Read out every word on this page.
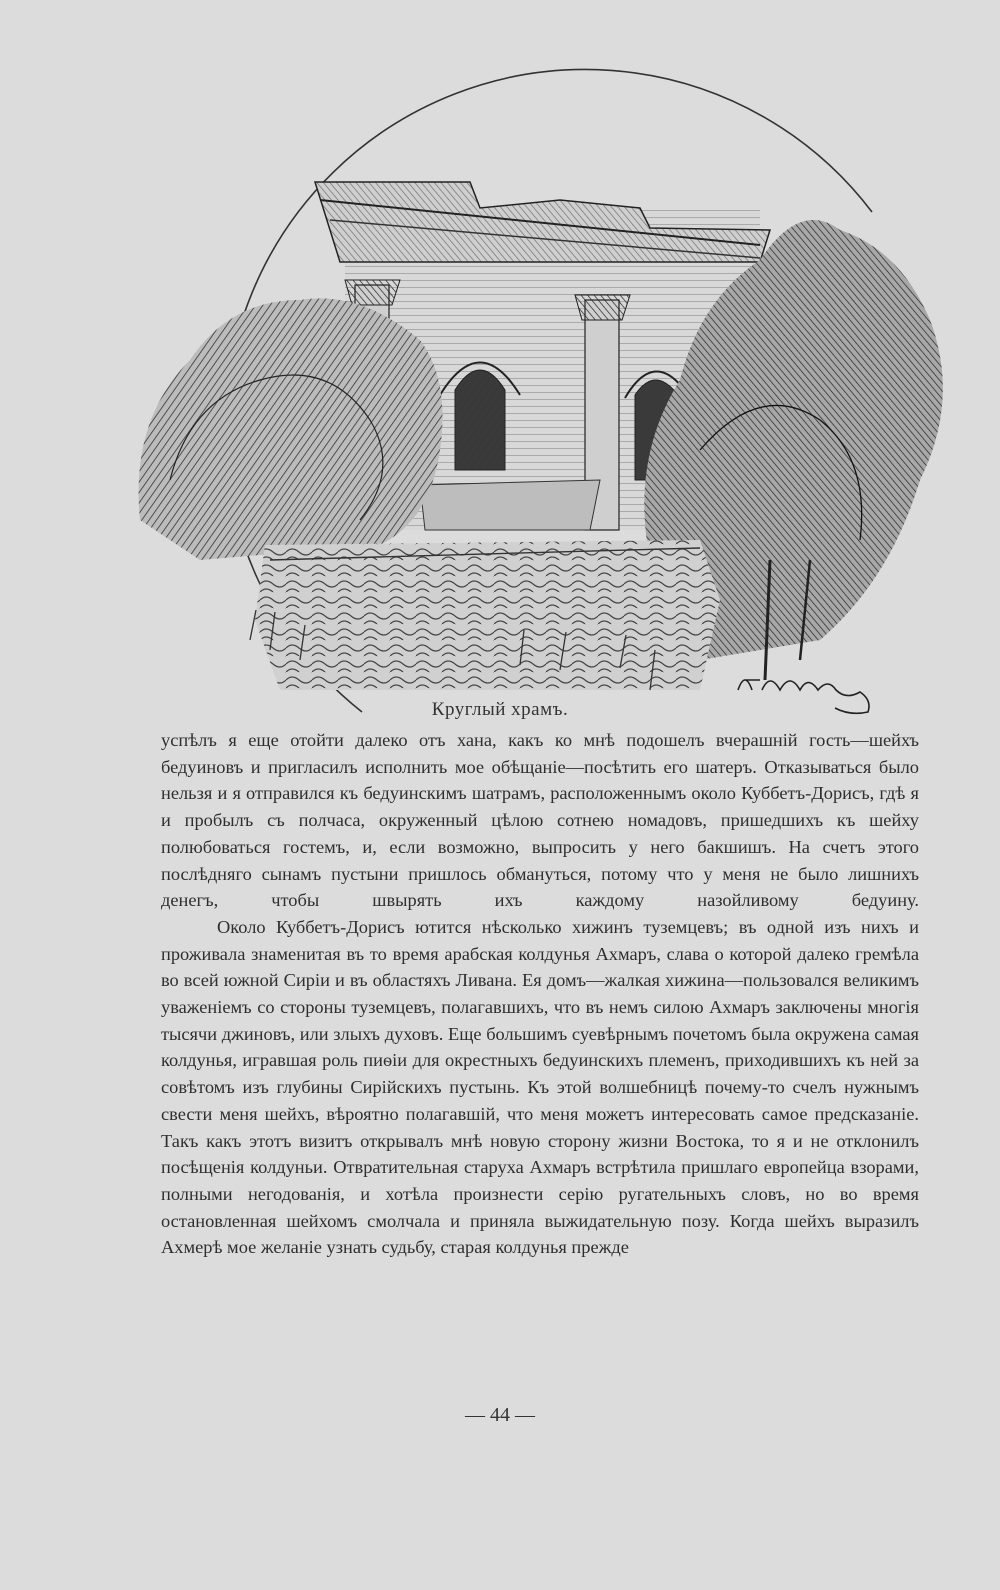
Круглый храмъ.

успѣлъ я еще отойти далеко отъ хана, какъ ко мнѣ подошелъ вчерашній гость—шейхъ бедуиновъ и пригласилъ исполнить мое обѣщаніе—посѣтить его шатеръ. Отказываться было нельзя и я отправился къ бедуинскимъ шатрамъ, расположеннымъ около Куббетъ-Дорисъ, гдѣ я и пробылъ съ полчаса, окруженный цѣлою сотнею номадовъ, пришедшихъ къ шейху полюбоваться гостемъ, и, если возможно, выпросить у него бакшишъ. На счетъ этого послѣдняго сынамъ пустыни пришлось обмануться, потому что у меня не было лишнихъ денегъ, чтобы швырять ихъ каждому назойливому бедуину.

Около Куббетъ-Дорисъ ютится нѣсколько хижинъ туземцевъ; въ одной изъ нихъ и проживала знаменитая въ то время арабская колдунья Ахмаръ, слава о которой далеко гремѣла во всей южной Сиріи и въ областяхъ Ливана. Ея домъ—жалкая хижина—пользовался великимъ уваженіемъ со стороны туземцевъ, полагавшихъ, что въ немъ силою Ахмаръ заключены многія тысячи джиновъ, или злыхъ духовъ. Еще большимъ суевѣрнымъ почетомъ была окружена самая колдунья, игравшая роль пиѳіи для окрестныхъ бедуинскихъ племенъ, приходившихъ къ ней за совѣтомъ изъ глубины Сирійскихъ пустынь. Къ этой волшебницѣ почему-то счелъ нужнымъ свести меня шейхъ, вѣроятно полагавшій, что меня можетъ интересовать самое предсказаніе. Такъ какъ этотъ визитъ открывалъ мнѣ новую сторону жизни Востока, то я и не отклонилъ посѣщенія колдуньи. Отвратительная старуха Ахмаръ встрѣтила пришлаго европейца взорами, полными негодованія, и хотѣла произнести серію ругательныхъ словъ, но во время остановленная шейхомъ смолчала и приняла выжидательную позу. Когда шейхъ выразилъ Ахмерѣ мое желаніе узнать судьбу, старая колдунья прежде

— 44 —
